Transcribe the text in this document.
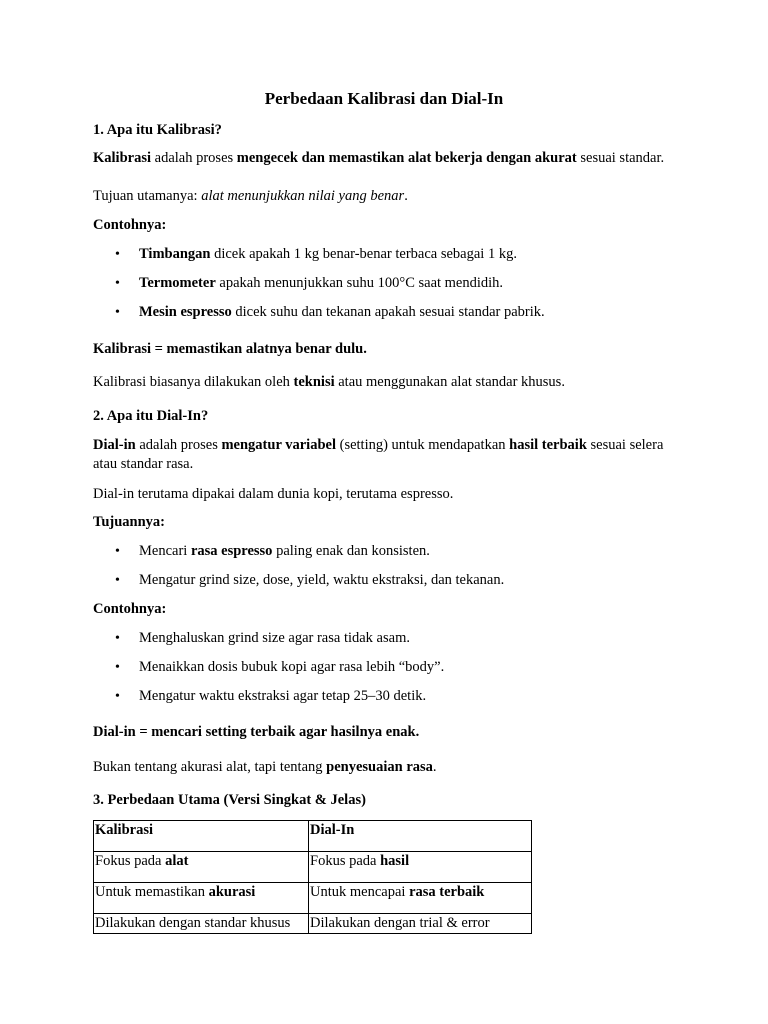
Perbedaan Kalibrasi dan Dial-In
1. Apa itu Kalibrasi?
Kalibrasi adalah proses mengecek dan memastikan alat bekerja dengan akurat sesuai standar.
Tujuan utamanya: alat menunjukkan nilai yang benar.
Contohnya:
• Timbangan dicek apakah 1 kg benar-benar terbaca sebagai 1 kg.
• Termometer apakah menunjukkan suhu 100°C saat mendidih.
• Mesin espresso dicek suhu dan tekanan apakah sesuai standar pabrik.
Kalibrasi = memastikan alatnya benar dulu.
Kalibrasi biasanya dilakukan oleh teknisi atau menggunakan alat standar khusus.
2. Apa itu Dial-In?
Dial-in adalah proses mengatur variabel (setting) untuk mendapatkan hasil terbaik sesuai selera atau standar rasa.
Dial-in terutama dipakai dalam dunia kopi, terutama espresso.
Tujuannya:
• Mencari rasa espresso paling enak dan konsisten.
• Mengatur grind size, dose, yield, waktu ekstraksi, dan tekanan.
Contohnya:
• Menghaluskan grind size agar rasa tidak asam.
• Menaikkan dosis bubuk kopi agar rasa lebih “body”.
• Mengatur waktu ekstraksi agar tetap 25–30 detik.
Dial-in = mencari setting terbaik agar hasilnya enak.
Bukan tentang akurasi alat, tapi tentang penyesuaian rasa.
3. Perbedaan Utama (Versi Singkat & Jelas)
Kalibrasi	Dial-In
Fokus pada alat	Fokus pada hasil
Untuk memastikan akurasi	Untuk mencapai rasa terbaik
Dilakukan dengan standar khusus	Dilakukan dengan trial & error
